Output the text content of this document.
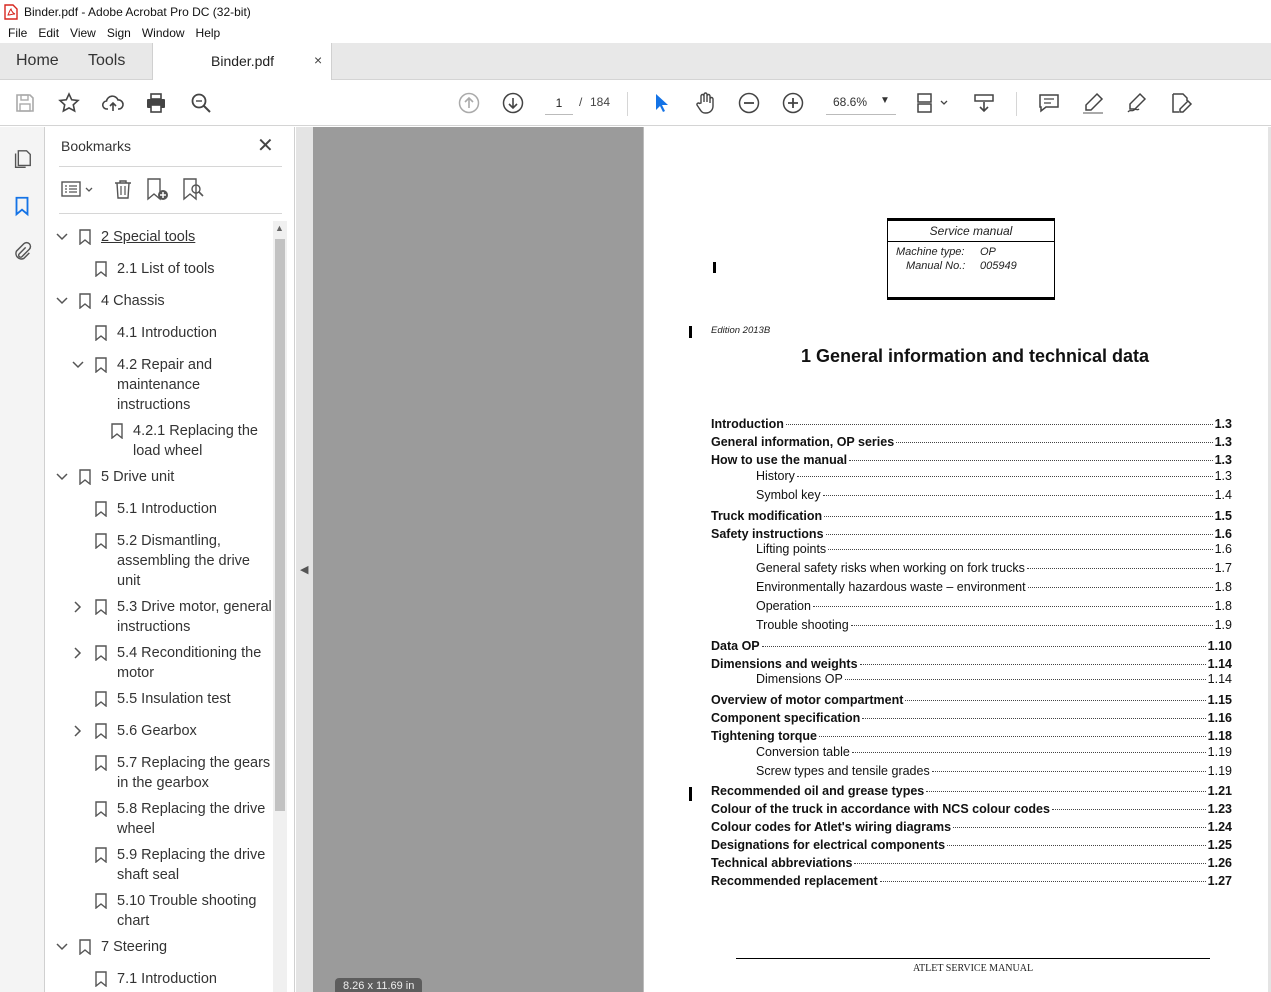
Binder.pdf - Adobe Acrobat Pro DC (32-bit)
File Edit View Sign Window Help
Home Tools	Binder.pdf	×
1
/ 184	68.6% ▼
Bookmarks	✕
2 Special tools
2.1 List of tools
4 Chassis
4.1 Introduction
4.2 Repair and maintenance instructions
4.2.1 Replacing the load wheel
5 Drive unit
5.1 Introduction
5.2 Dismantling, assembling the drive unit
5.3 Drive motor, general instructions
5.4 Reconditioning the motor
5.5 Insulation test
5.6 Gearbox
5.7 Replacing the gears in the gearbox
5.8 Replacing the drive wheel
5.9 Replacing the drive shaft seal
5.10 Trouble shooting chart
7 Steering
7.1 Introduction
▲
8.26 x 11.69 in
◀
Service manual
Machine type: OP
Manual No.: 005949
Edition 2013B
1 General information and technical data
Introduction	1.3
General information, OP series	1.3
How to use the manual	1.3
History	1.3
Symbol key	1.4
Truck modification	1.5
Safety instructions	1.6
Lifting points	1.6
General safety risks when working on fork trucks	1.7
Environmentally hazardous waste – environment	1.8
Operation	1.8
Trouble shooting	1.9
Data OP	1.10
Dimensions and weights	1.14
Dimensions OP	1.14
Overview of motor compartment	1.15
Component specification	1.16
Tightening torque	1.18
Conversion table	1.19
Screw types and tensile grades	1.19
Recommended oil and grease types	1.21
Colour of the truck in accordance with NCS colour codes	1.23
Colour codes for Atlet's wiring diagrams	1.24
Designations for electrical components	1.25
Technical abbreviations	1.26
Recommended replacement	1.27
ATLET SERVICE MANUAL
